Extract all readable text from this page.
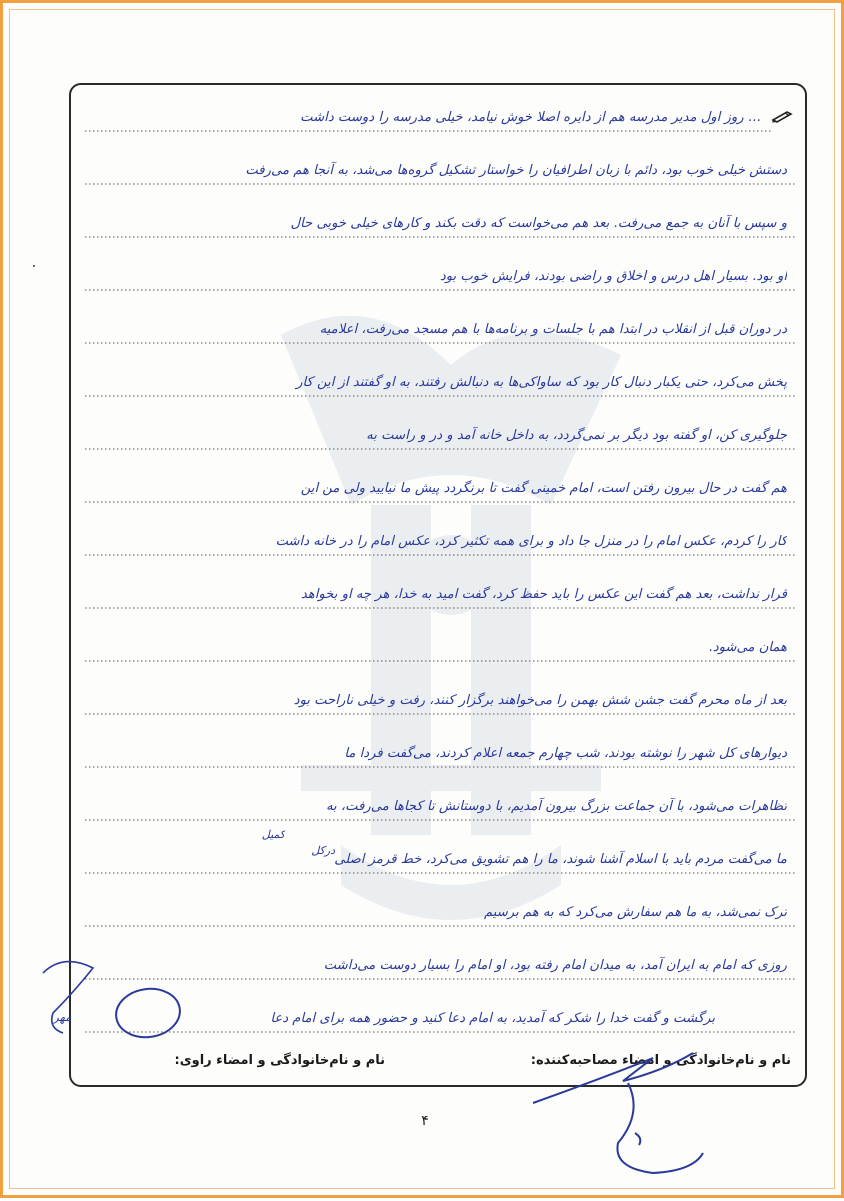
… روز اول مدیر مدرسه هم از دایره اصلا خوش نیامد، خیلی مدرسه را دوست داشت

دستش خیلی خوب بود، دائم با زبان اطرافیان را خواستار تشکیل گروه‌ها می‌شد، به آنجا هم می‌رفت

و سپس با آنان به جمع می‌رفت. بعد هم می‌خواست که دقت بکند و کارهای خیلی خوبی حال

او بود. بسیار اهل درس و اخلاق و راضی بودند، فرایش خوب بود

در دوران قبل از انقلاب در ابتدا هم با جلسات و برنامه‌ها با هم مسجد می‌رفت، اعلامیه

پخش می‌کرد، حتی یکبار دنبال کار بود که ساواکی‌ها به دنبالش رفتند، به او گفتند از این کار

جلوگیری کن، او گفته بود دیگر بر نمی‌گردد، به داخل خانه آمد و در و راست به

هم گفت در حال بیرون رفتن است، امام خمینی گفت تا برنگردد پیش ما نیایید ولی من این

کار را کردم، عکس امام را در منزل جا داد و برای همه تکثیر کرد، عکس امام را در خانه داشت

قرار نداشت، بعد هم گفت این عکس را باید حفظ کرد، گفت امید به خدا، هر چه او بخواهد

همان می‌شود.

بعد از ماه محرم گفت جشن شش بهمن را می‌خواهند برگزار کنند، رفت و خیلی ناراحت بود

دیوارهای کل شهر را نوشته بودند، شب چهارم جمعه اعلام کردند، می‌گفت فردا ما

تظاهرات می‌شود، با آن جماعت بزرگ بیرون آمدیم، با دوستانش تا کجاها می‌رفت، به

ما می‌گفت مردم باید با اسلام آشنا شوند، ما را هم تشویق می‌کرد، خط قرمز اصلی

ترک نمی‌شد، به ما هم سفارش می‌کرد که به هم برسیم

روزی که امام به ایران آمد، به میدان امام رفته بود، او امام را بسیار دوست می‌داشت

برگشت و گفت خدا را شکر که آمدید، به امام دعا کنید و حضور همه برای امام دعا

کمیل
درکل
نام و نام‌خانوادگی و امضاء مصاحبه‌کننده:
نام و نام‌خانوادگی و امضاء راوی:
مهر
۴
